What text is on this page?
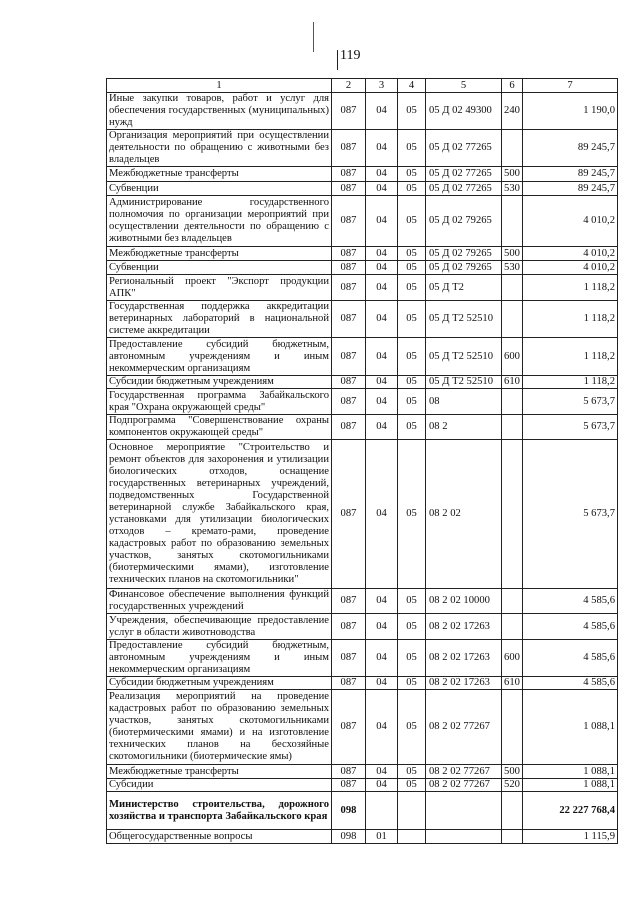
119
1	2	3	4	5	6	7
Иные закупки товаров, работ и услуг для обеспечения государственных (муниципальных) нужд	087	04	05	05 Д 02 49300	240	1 190,0
Организация мероприятий при осуществлении деятельности по обращению с животными без владельцев	087	04	05	05 Д 02 77265		89 245,7
Межбюджетные трансферты	087	04	05	05 Д 02 77265	500	89 245,7
Субвенции	087	04	05	05 Д 02 77265	530	89 245,7
Администрирование государственного полномочия по организации мероприятий при осуществлении деятельности по обращению с животными без владельцев	087	04	05	05 Д 02 79265		4 010,2
Межбюджетные трансферты	087	04	05	05 Д 02 79265	500	4 010,2
Субвенции	087	04	05	05 Д 02 79265	530	4 010,2
Региональный проект "Экспорт продукции АПК"	087	04	05	05 Д Т2		1 118,2
Государственная поддержка аккредитации ветеринарных лабораторий в национальной системе аккредитации	087	04	05	05 Д Т2 52510		1 118,2
Предоставление субсидий бюджетным, автономным учреждениям и иным некоммерческим организациям	087	04	05	05 Д Т2 52510	600	1 118,2
Субсидии бюджетным учреждениям	087	04	05	05 Д Т2 52510	610	1 118,2
Государственная программа Забайкальского края "Охрана окружающей среды"	087	04	05	08		5 673,7
Подпрограмма "Совершенствование охраны компонентов окружающей среды"	087	04	05	08 2		5 673,7
Основное мероприятие "Строительство и ремонт объектов для захоронения и утилизации биологических отходов, оснащение государственных ветеринарных учреждений, подведомственных Государственной ветеринарной службе Забайкальского края, установками для утилизации биологических отходов – кремато-рами, проведение кадастровых работ по образованию земельных участков, занятых скотомогильниками (биотермическими ямами), изготовление технических планов на скотомогильники"	087	04	05	08 2 02		5 673,7
Финансовое обеспечение выполнения функций государственных учреждений	087	04	05	08 2 02 10000		4 585,6
Учреждения, обеспечивающие предоставление услуг в области животноводства	087	04	05	08 2 02 17263		4 585,6
Предоставление субсидий бюджетным, автономным учреждениям и иным некоммерческим организациям	087	04	05	08 2 02 17263	600	4 585,6
Субсидии бюджетным учреждениям	087	04	05	08 2 02 17263	610	4 585,6
Реализация мероприятий на проведение кадастровых работ по образованию земельных участков, занятых скотомогильниками (биотермическими ямами) и на изготовление технических планов на бесхозяйные скотомогильники (биотермические ямы)	087	04	05	08 2 02 77267		1 088,1
Межбюджетные трансферты	087	04	05	08 2 02 77267	500	1 088,1
Субсидии	087	04	05	08 2 02 77267	520	1 088,1
Министерство строительства, дорожного хозяйства и транспорта Забайкальского края	098					22 227 768,4
Общегосударственные вопросы	098	01				1 115,9
